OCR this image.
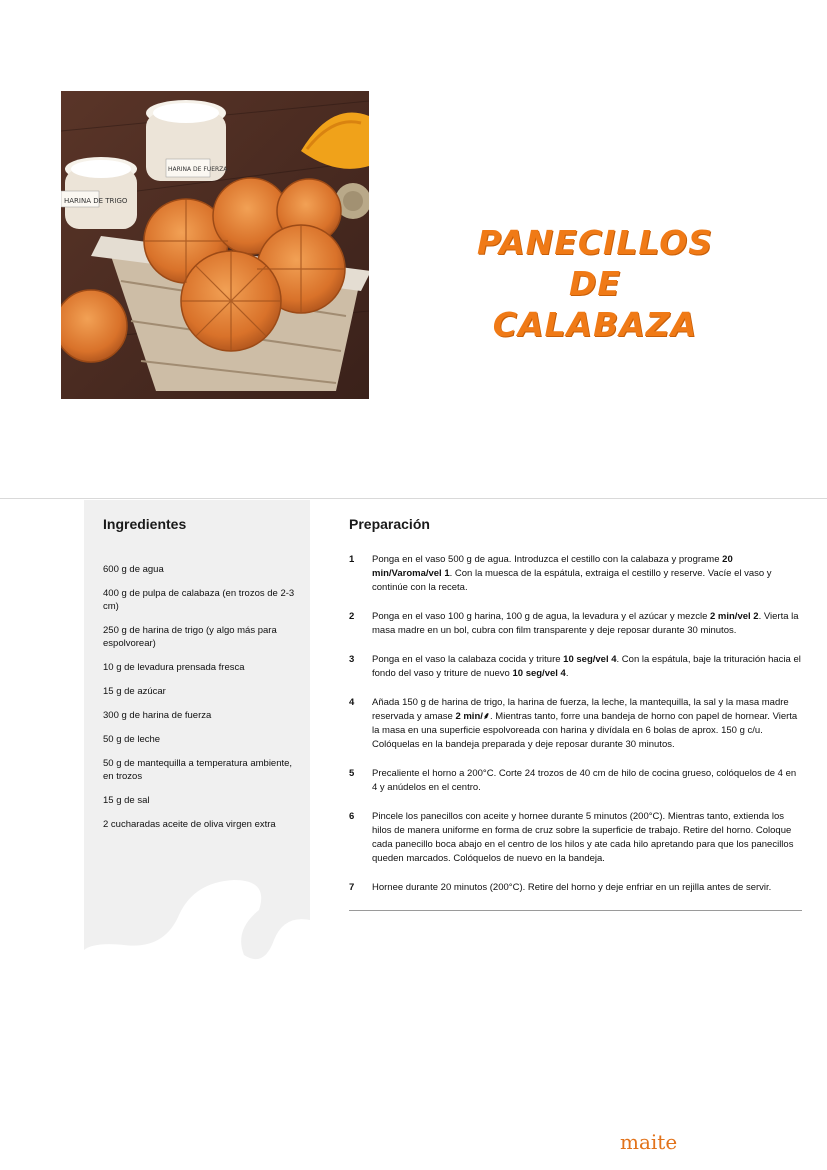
HARINA DE TRIGO
HARINA DE FUERZA
PANECILLOS
DE
CALABAZA
Ingredientes
600 g de agua
400 g de pulpa de calabaza (en trozos de 2-3 cm)
250 g de harina de trigo (y algo más para espolvorear)
10 g de levadura prensada fresca
15 g de azúcar
300 g de harina de fuerza
50 g de leche
50 g de mantequilla a temperatura ambiente, en trozos
15 g de sal
2 cucharadas aceite de oliva virgen extra
Preparación
1 Ponga en el vaso 500 g de agua. Introduzca el cestillo con la calabaza y programe 20 min/Varoma/vel 1. Con la muesca de la espátula, extraiga el cestillo y reserve. Vacíe el vaso y continúe con la receta.
2 Ponga en el vaso 100 g harina, 100 g de agua, la levadura y el azúcar y mezcle 2 min/vel 2. Vierta la masa madre en un bol, cubra con film transparente y deje reposar durante 30 minutos.
3 Ponga en el vaso la calabaza cocida y triture 10 seg/vel 4. Con la espátula, baje la trituración hacia el fondo del vaso y triture de nuevo 10 seg/vel 4.
4 Añada 150 g de harina de trigo, la harina de fuerza, la leche, la mantequilla, la sal y la masa madre reservada y amase 2 min/⸙. Mientras tanto, forre una bandeja de horno con papel de hornear. Vierta la masa en una superficie espolvoreada con harina y divídala en 6 bolas de aprox. 150 g c/u. Colóquelas en la bandeja preparada y deje reposar durante 30 minutos.
5 Precaliente el horno a 200°C. Corte 24 trozos de 40 cm de hilo de cocina grueso, colóquelos de 4 en 4 y anúdelos en el centro.
6 Pincele los panecillos con aceite y hornee durante 5 minutos (200°C). Mientras tanto, extienda los hilos de manera uniforme en forma de cruz sobre la superficie de trabajo. Retire del horno. Coloque cada panecillo boca abajo en el centro de los hilos y ate cada hilo apretando para que los panecillos queden marcados. Colóquelos de nuevo en la bandeja.
7 Hornee durante 20 minutos (200°C). Retire del horno y deje enfriar en un rejilla antes de servir.
maite
